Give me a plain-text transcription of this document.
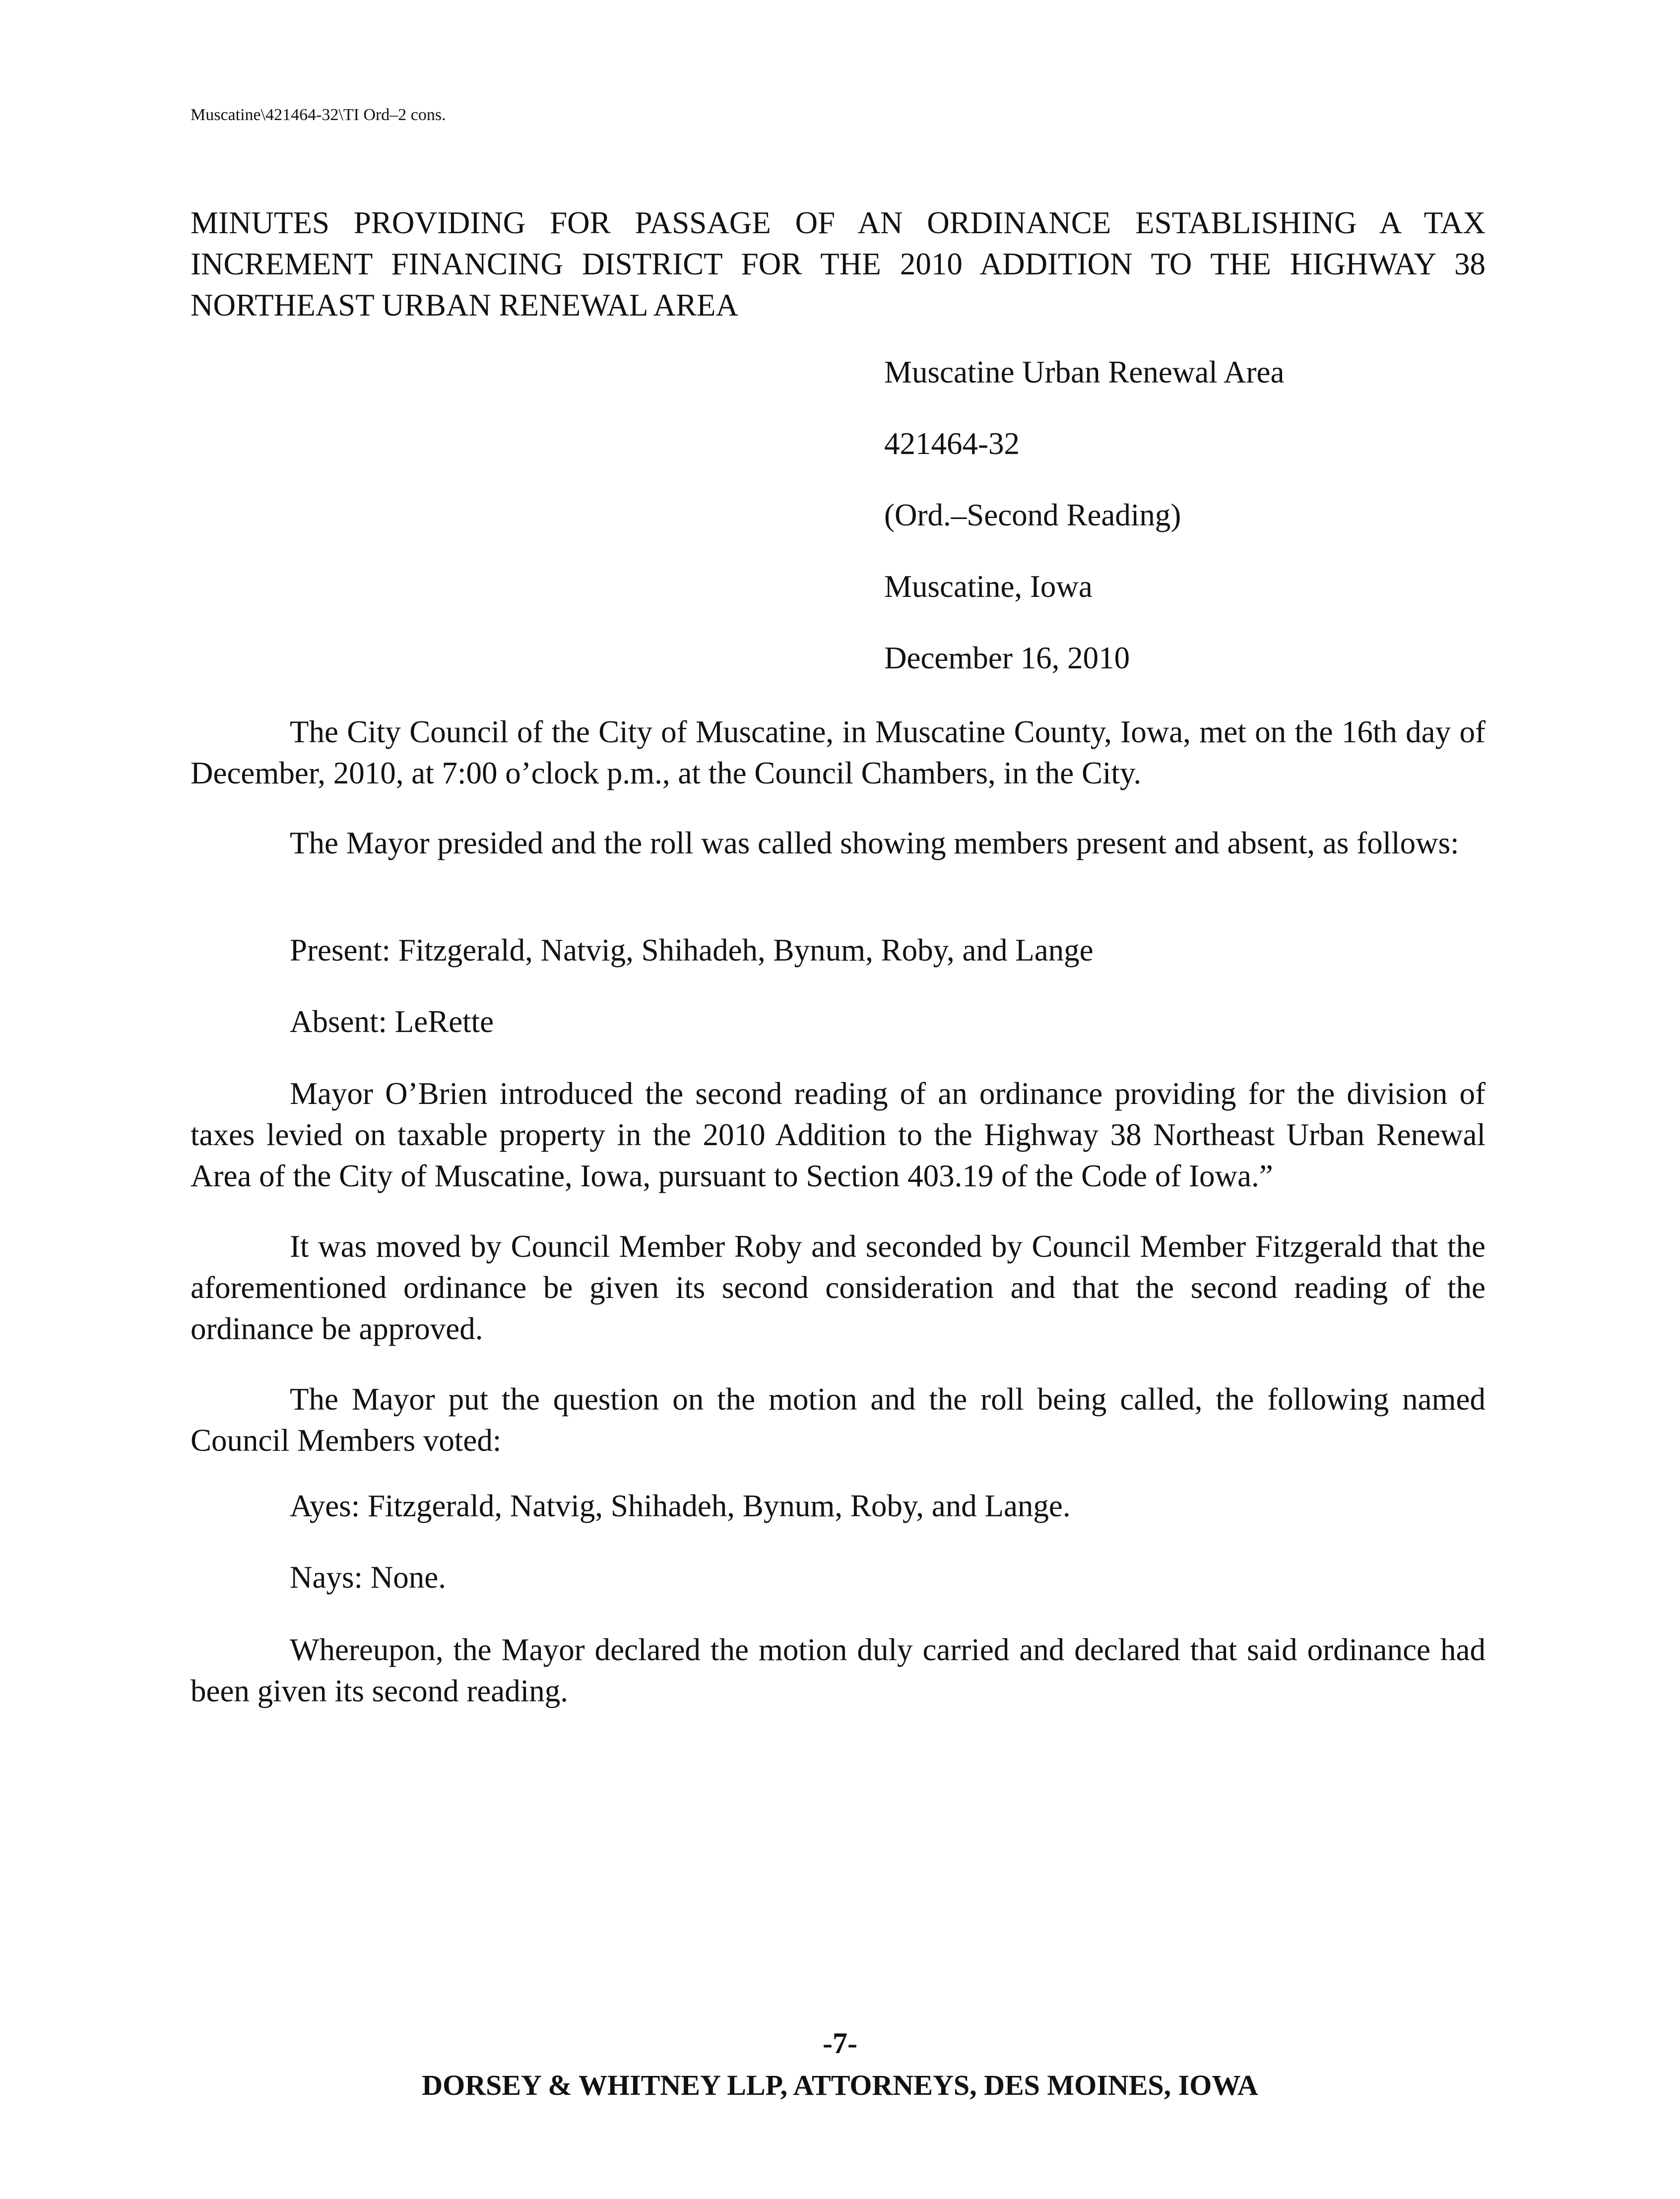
Muscatine\421464-32\TI Ord–2 cons.
MINUTES PROVIDING FOR PASSAGE OF AN ORDINANCE ESTABLISHING A TAX INCREMENT FINANCING DISTRICT FOR THE 2010 ADDITION TO THE HIGHWAY 38 NORTHEAST URBAN RENEWAL AREA
Muscatine Urban Renewal Area
421464-32
(Ord.–Second Reading)
Muscatine, Iowa
December 16, 2010

The City Council of the City of Muscatine, in Muscatine County, Iowa, met on the 16th day of December, 2010, at 7:00 o’clock p.m., at the Council Chambers, in the City.

The Mayor presided and the roll was called showing members present and absent, as follows:

Present: Fitzgerald, Natvig, Shihadeh, Bynum, Roby, and Lange
Absent: LeRette

Mayor O’Brien introduced the second reading of an ordinance providing for the division of taxes levied on taxable property in the 2010 Addition to the Highway 38 Northeast Urban Renewal Area of the City of Muscatine, Iowa, pursuant to Section 403.19 of the Code of Iowa.”

It was moved by Council Member Roby and seconded by Council Member Fitzgerald that the aforementioned ordinance be given its second consideration and that the second reading of the ordinance be approved.

The Mayor put the question on the motion and the roll being called, the following named Council Members voted:

Ayes: Fitzgerald, Natvig, Shihadeh, Bynum, Roby, and Lange.
Nays: None.

Whereupon, the Mayor declared the motion duly carried and declared that said ordinance had been given its second reading.

-7-
DORSEY & WHITNEY LLP, ATTORNEYS, DES MOINES, IOWA
